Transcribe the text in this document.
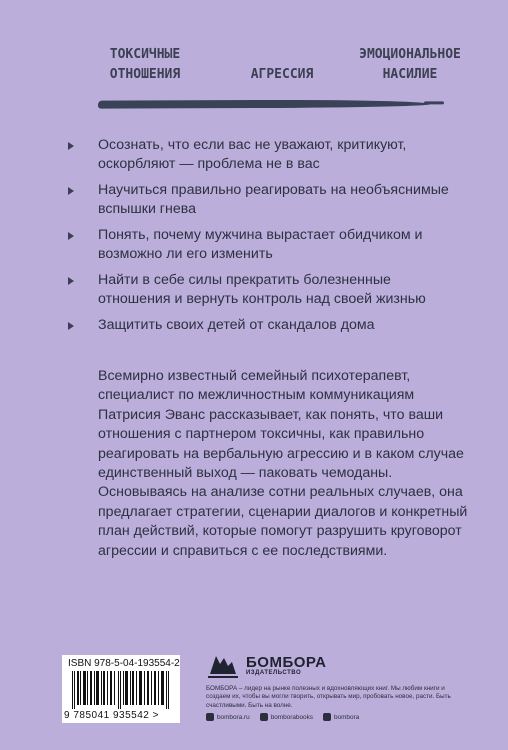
ТОКСИЧНЫЕ
ОТНОШЕНИЯ	АГРЕССИЯ
ЭМОЦИОНАЛЬНОЕ
НАСИЛИЕ
Осознать, что если вас не уважают, критикуют, оскорбляют — проблема не в вас
Научиться правильно реагировать на необъяснимые вспышки гнева
Понять, почему мужчина вырастает обидчиком и возможно ли его изменить
Найти в себе силы прекратить болезненные отношения и вернуть контроль над своей жизнью
Защитить своих детей от скандалов дома
Всемирно известный семейный психотерапевт, специалист по межличностным коммуникациям Патрисия Эванс рассказывает, как понять, что ваши отношения с партнером токсичны, как правильно реагировать на вербальную агрессию и в каком случае единственный выход — паковать чемоданы. Основываясь на анализе сотни реальных случаев, она предлагает стратегии, сценарии диалогов и конкретный план действий, которые помогут разрушить круговорот агрессии и справиться с ее последствиями.
ISBN 978-5-04-193554-2
9 785041 935542 >
БОМБОРА
ИЗДАТЕЛЬСТВО
БОМБОРА – лидер на рынке полезных и вдохновляющих книг. Мы любим книги и создаем их, чтобы вы могли творить, открывать мир, пробовать новое, расти. Быть счастливыми. Быть на волне.
bombora.ru	bomborabooks	bombora
